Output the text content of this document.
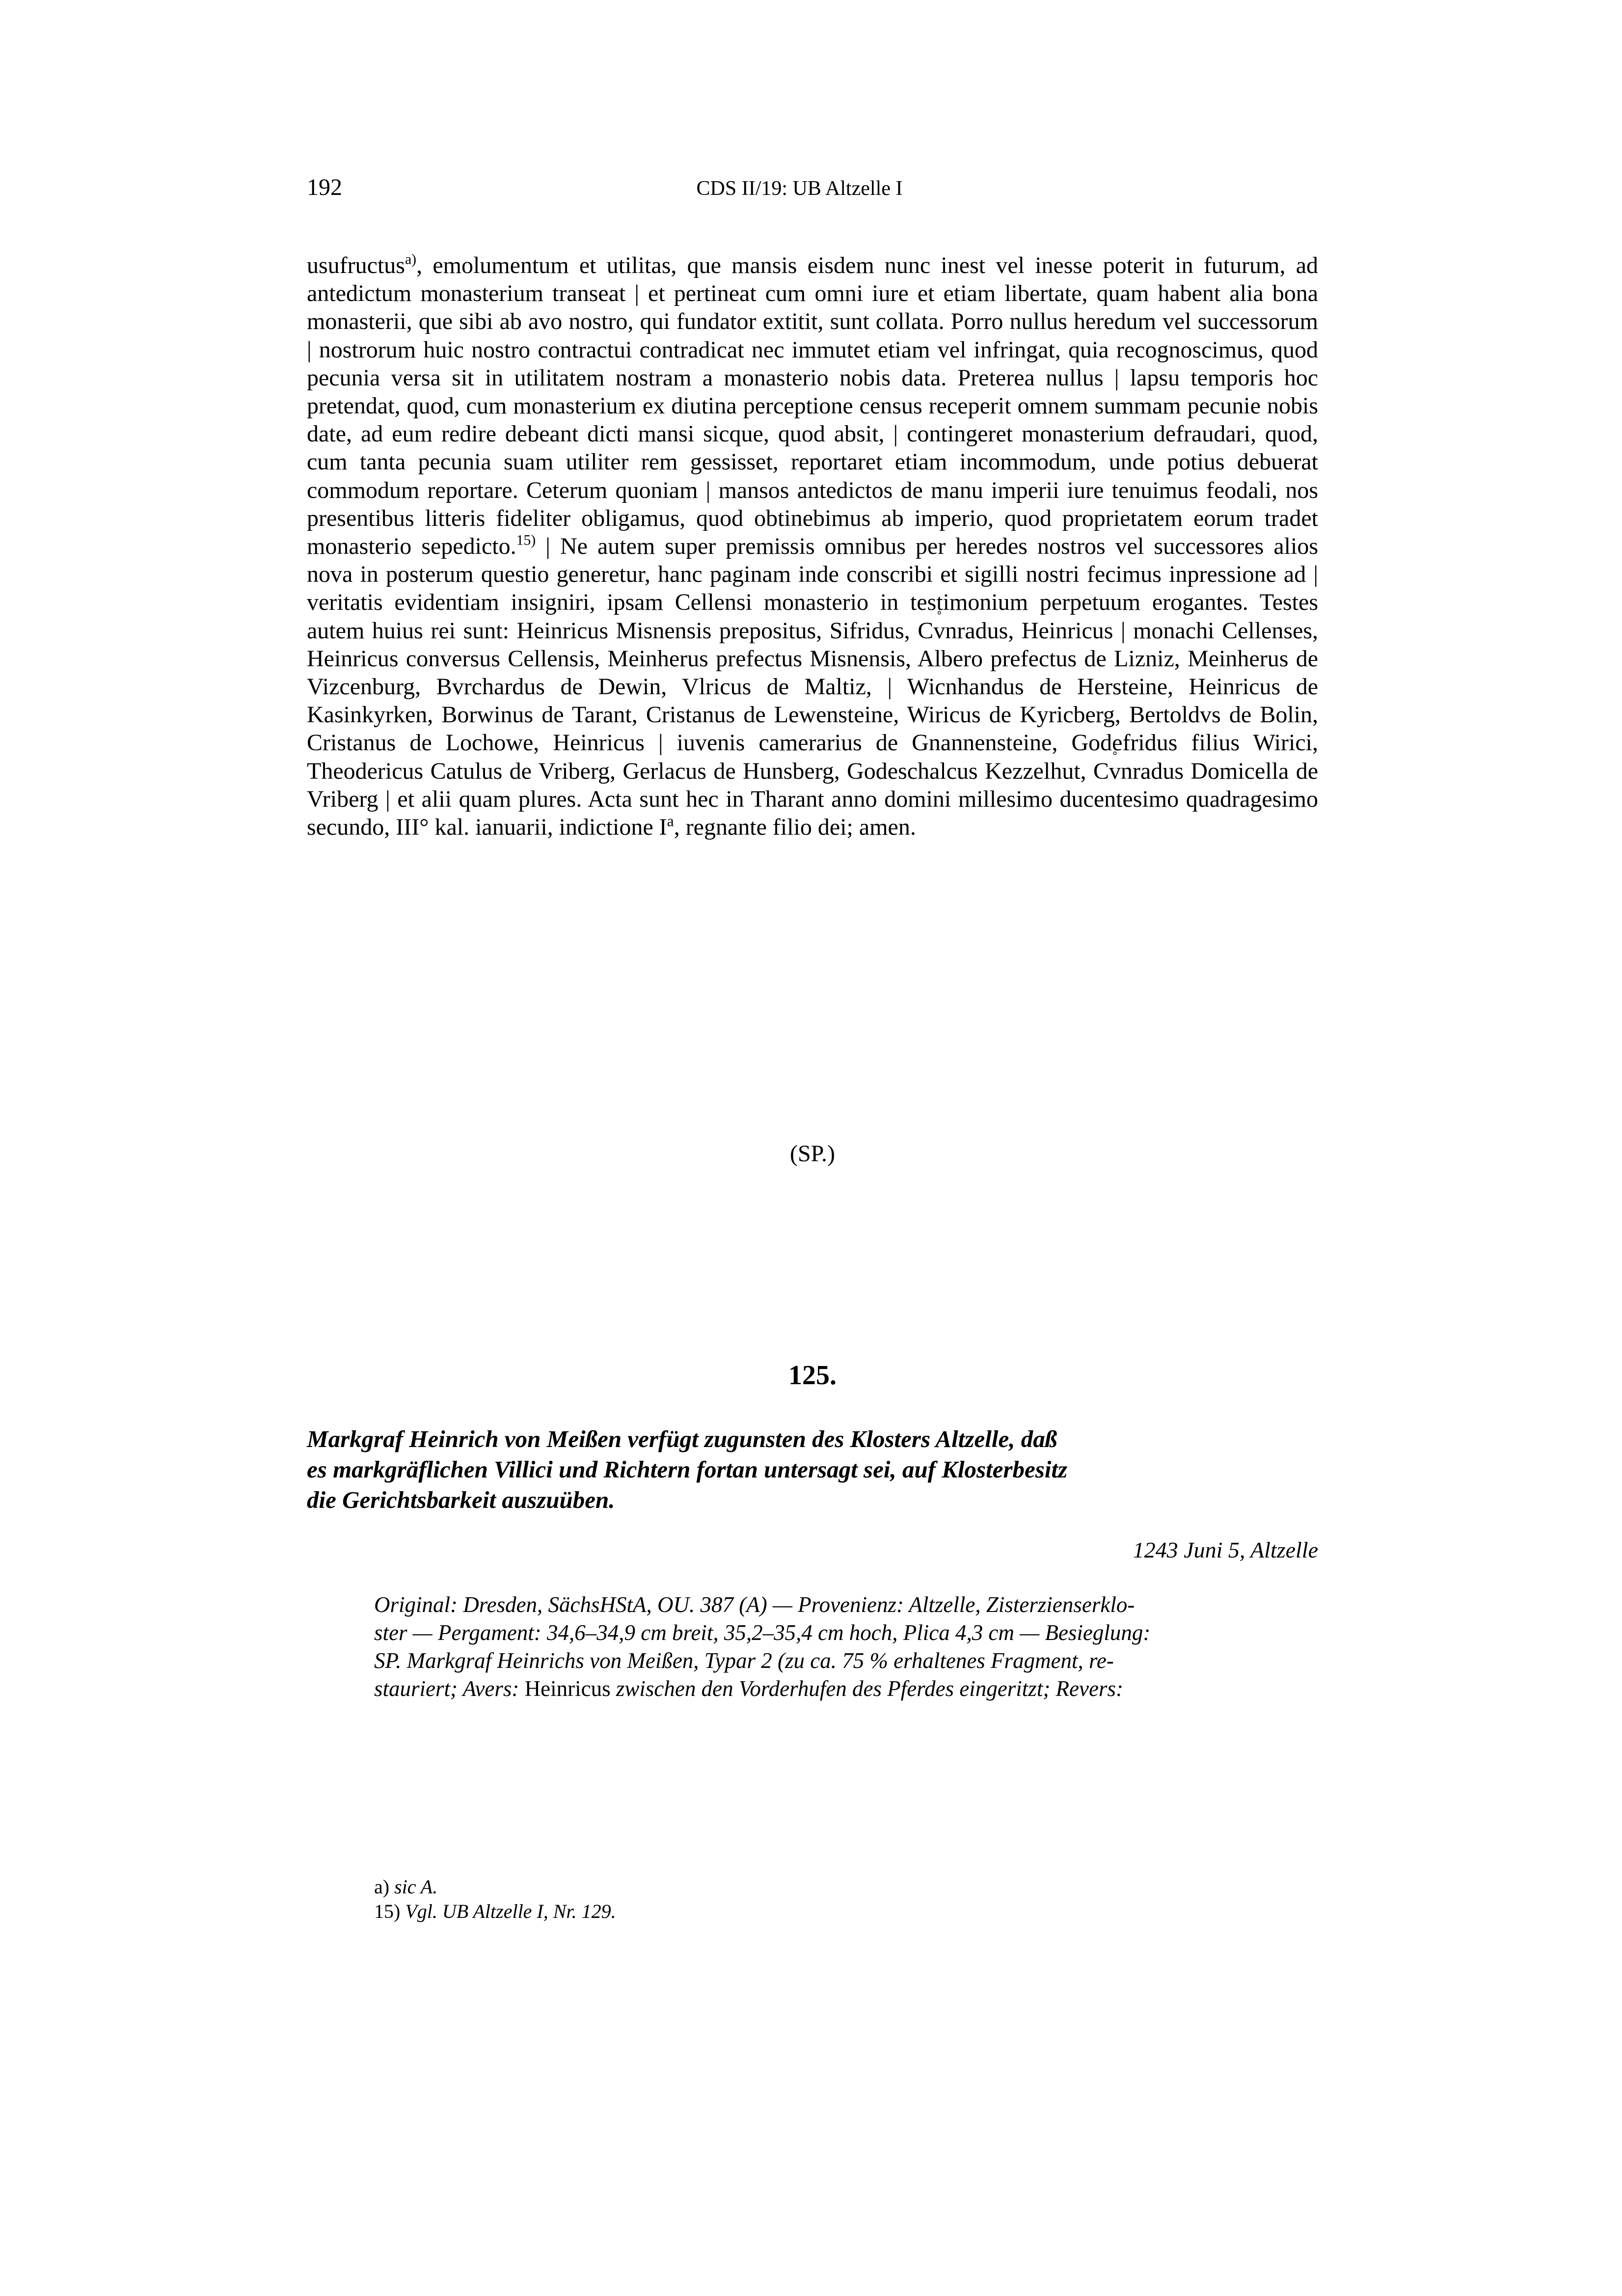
192	CDS II/19: UB Altzelle I

usufructus$^{a)}$, emolumentum et utilitas, que mansis eisdem nunc inest vel inesse poterit in futurum, ad antedictum monasterium transeat | et pertineat cum omni iure et etiam libertate, quam habent alia bona monasterii, que sibi ab avo nostro, qui fundator extitit, sunt collata. Porro nullus heredum vel successorum | nostrorum huic nostro contractui contradicat nec immutet etiam vel infringat, quia recognoscimus, quod pecunia versa sit in utilitatem nostram a monasterio nobis data. Preterea nullus | lapsu temporis hoc pretendat, quod, cum monasterium ex diutina perceptione census receperit omnem summam pecunie nobis date, ad eum redire debeant dicti mansi sicque, quod absit, | contingeret monasterium defraudari, quod, cum tanta pecunia suam utiliter rem gessisset, reportaret etiam incommodum, unde potius debuerat commodum reportare. Ceterum quoniam | mansos antedictos de manu imperii iure tenuimus feodali, nos presentibus litteris fideliter obligamus, quod obtinebimus ab imperio, quod proprietatem eorum tradet monasterio sepedicto.$^{15)}$ | Ne autem super premissis omnibus per heredes nostros vel successores alios nova in posterum questio generetur, hanc paginam inde conscribi et sigilli nostri fecimus inpressione ad | veritatis evidentiam insigniri, ipsam Cellensi monasterio in testimonium perpetuum erogantes. Testes autem huius rei sunt: Heinricus Misnensis prepositus, Sifridus, Cv ˚nradus, Heinricus | monachi Cellenses, Heinricus conversus Cellensis, Meinherus prefectus Misnensis, Albero prefectus de Lizniz, Meinherus de Vizcenburg, Bvrchardus de Dewin, Vlricus de Maltiz, | Wicnhandus de Hersteine, Heinricus de Kasinkyrken, Borwinus de Tarant, Cristanus de Lewensteine, Wiricus de Kyricberg, Bertoldvs de Bolin, Cristanus de Lochowe, Heinricus | iuvenis camerarius de Gnannensteine, Godefridus filius Wirici, Theodericus Catulus de Vriberg, Gerlacus de Hunsberg, Godeschalcus Kezzelhut, Cv ˚nradus Domicella de Vriberg | et alii quam plures. Acta sunt hec in Tharant anno domini millesimo ducentesimo quadragesimo secundo, III° kal. ianuarii, indictione $I^a$, regnante filio dei; amen.

(SP.)
125.

Markgraf Heinrich von Meißen verfügt zugunsten des Klosters Altzelle, daß

es markgräflichen Villici und Richtern fortan untersagt sei, auf Klosterbesitz

die Gerichtsbarkeit auszuüben.

1243 Juni 5, Altzelle

Original: Dresden, SächsHStA, OU. 387 (A) — Provenienz: Altzelle, Zisterzienserklo-

ster — Pergament: 34,6–34,9 cm breit, 35,2–35,4 cm hoch, Plica 4,3 cm — Besieglung:

SP. Markgraf Heinrichs von Meißen, Typar 2 (zu ca. 75 % erhaltenes Fragment, re-

stauriert; Avers: Heinricus zwischen den Vorderhufen des Pferdes eingeritzt; Revers:

a) sic A.

15) Vgl. UB Altzelle I, Nr. 129.
